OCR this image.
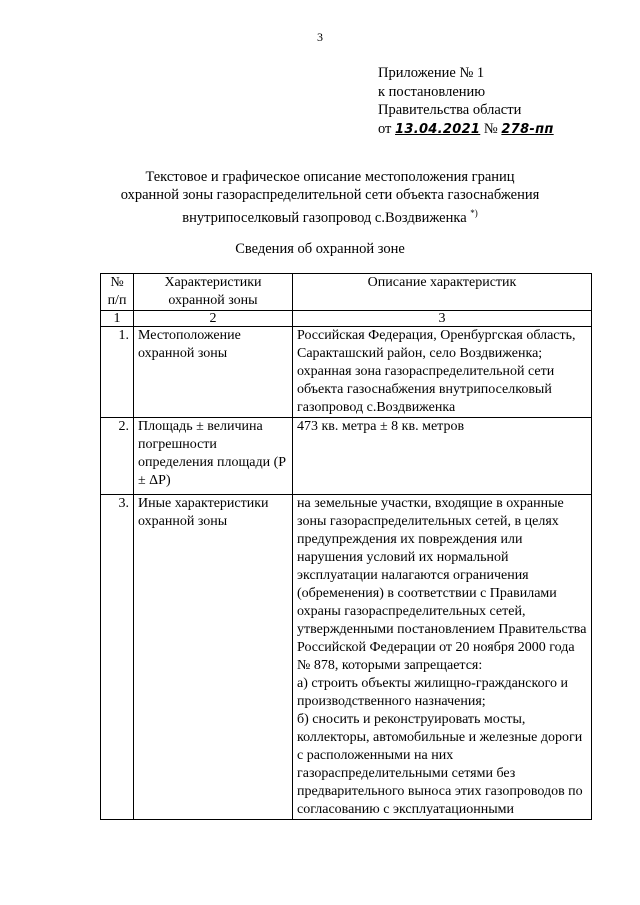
3
Приложение № 1
к постановлению
Правительства области
от 13.04.2021 № 278-пп
Текстовое и графическое описание местоположения границ
охранной зоны газораспределительной сети объекта газоснабжения
внутрипоселковый газопровод с.Воздвиженка *)
Сведения об охранной зоне
№ п/п	Характеристики охранной зоны	Описание характеристик
1	2	3
1.	Местоположение охранной зоны	Российская Федерация, Оренбургская область, Саракташский район, село Воздвиженка; охранная зона газораспределительной сети объекта газоснабжения внутрипоселковый газопровод с.Воздвиженка
2.	Площадь ± величина погрешности определения площади (Р ± ΔР)	473 кв. метра ± 8 кв. метров
3.	Иные характеристики охранной зоны	на земельные участки, входящие в охранные зоны газораспределительных сетей, в целях предупреждения их повреждения или нарушения условий их нормальной эксплуатации налагаются ограничения (обременения) в соответствии с Правилами охраны газораспределительных сетей, утвержденными постановлением Правительства Российской Федерации от 20 ноября 2000 года № 878, которыми запрещается:
а) строить объекты жилищно-гражданского и производственного назначения;
б) сносить и реконструировать мосты, коллекторы, автомобильные и железные дороги с расположенными на них газораспределительными сетями без предварительного выноса этих газопроводов по согласованию с эксплуатационными
